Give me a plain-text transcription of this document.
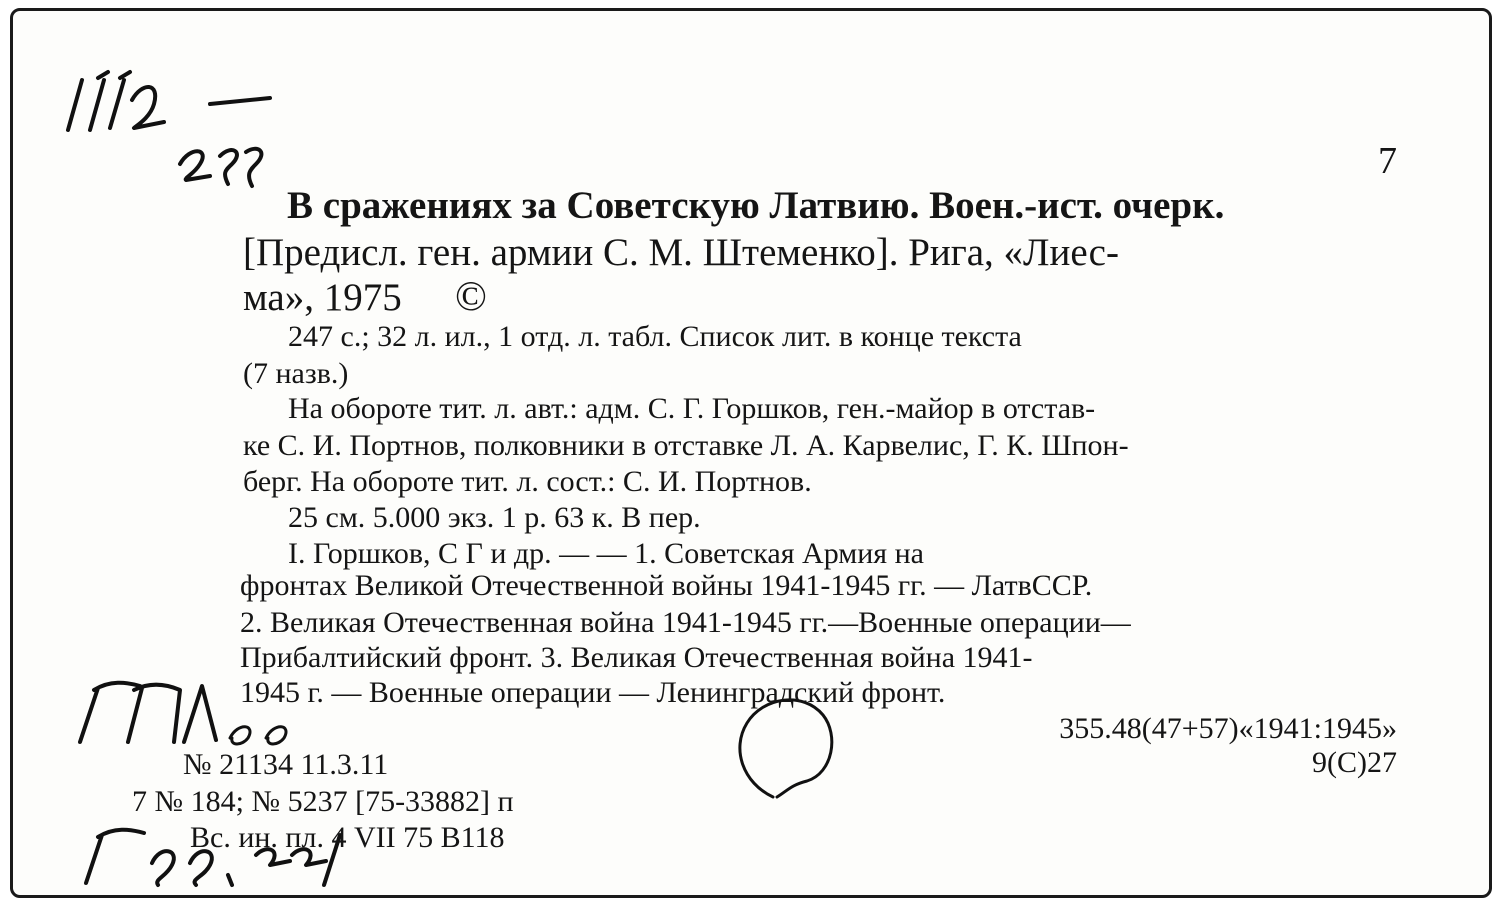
7
В сражениях за Советскую Латвию. Воен.-ист. очерк.
[Предисл. ген. армии С. М. Штеменко]. Рига, «Лиес-
ма», 1975 ©
247 с.; 32 л. ил., 1 отд. л. табл. Список лит. в конце текста
(7 назв.)
На обороте тит. л. авт.: адм. С. Г. Горшков, ген.-майор в отстав-
ке С. И. Портнов, полковники в отставке Л. А. Карвелис, Г. К. Шпон-
берг. На обороте тит. л. сост.: С. И. Портнов.
25 см. 5.000 экз. 1 р. 63 к. В пер.
I. Горшков, С Г и др. — — 1. Советская Армия на
фронтах Великой Отечественной войны 1941-1945 гг. — ЛатвССР.
2. Великая Отечественная война 1941-1945 гг.—Военные операции—
Прибалтийский фронт. 3. Великая Отечественная война 1941-
1945 г. — Военные операции — Ленинградский фронт.
355.48(47+57)«1941:1945»
9(С)27
№ 21134 11.3.11
7 № 184; № 5237 [75-33882] п
Вс. ин. пл. 4 VII 75 В118
